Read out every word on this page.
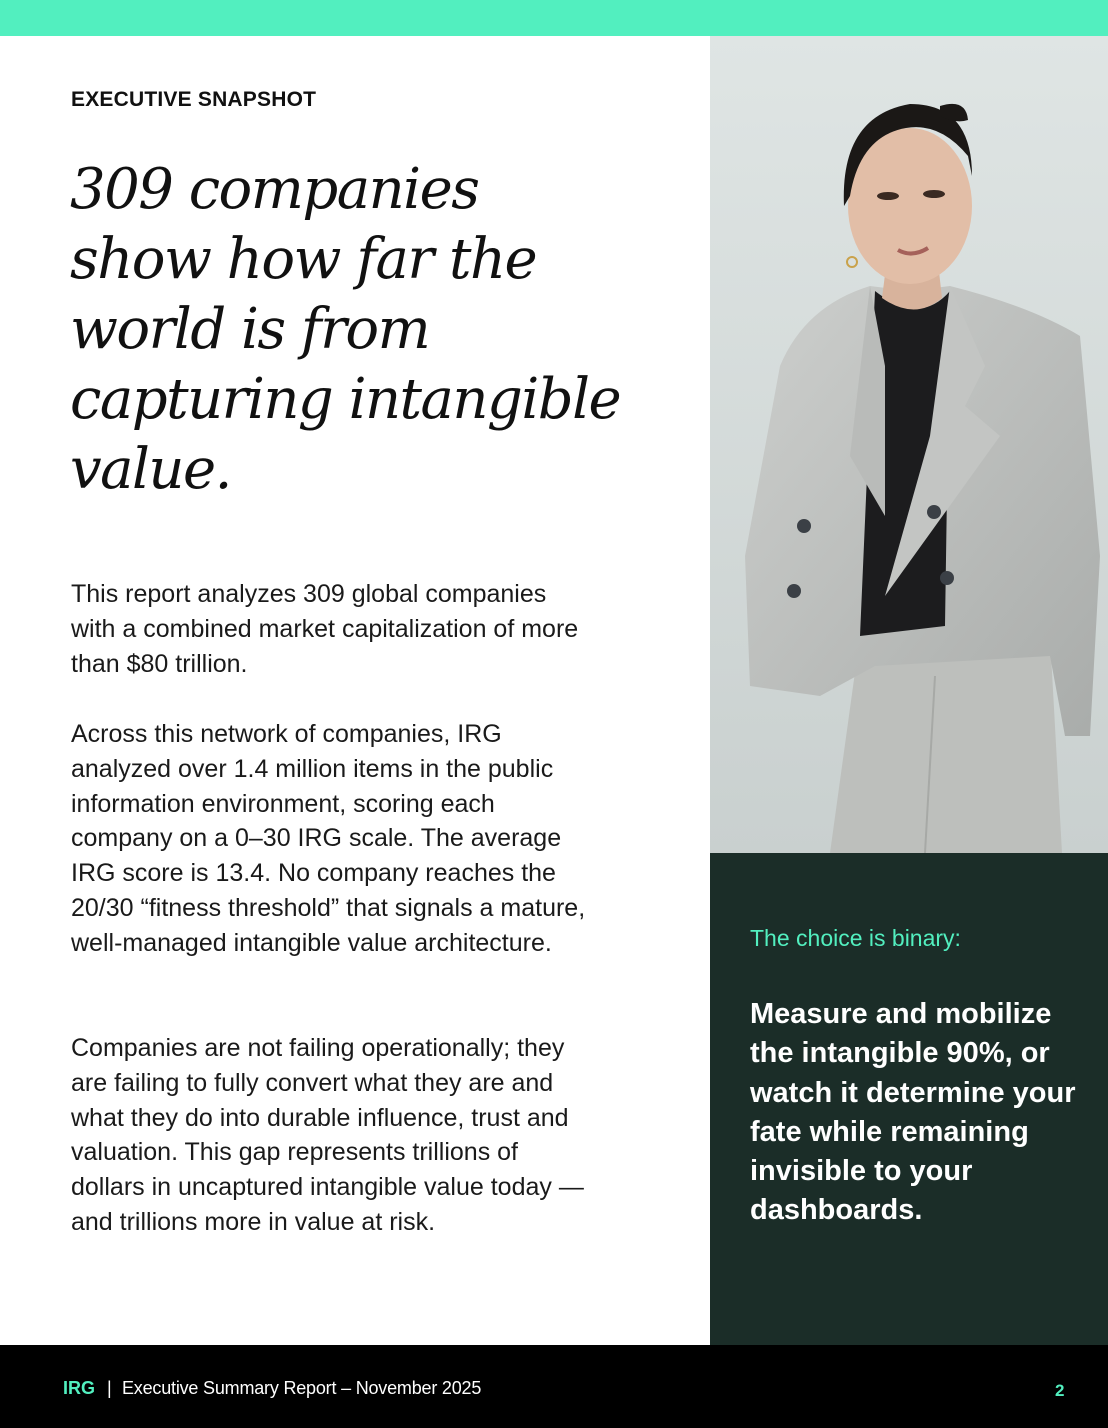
EXECUTIVE SNAPSHOT
309 companies show how far the world is from capturing intangible value.

This report analyzes 309 global companies with a combined market capitalization of more than $80 trillion.

Across this network of companies, IRG analyzed over 1.4 million items in the public information environment, scoring each company on a 0–30 IRG scale. The average IRG score is 13.4. No company reaches the 20/30 “fitness threshold” that signals a mature, well-managed intangible value architecture.

Companies are not failing operationally; they are failing to fully convert what they are and what they do into durable influence, trust and valuation. This gap represents trillions of dollars in uncaptured intangible value today — and trillions more in value at risk.

The choice is binary:

Measure and mobilize the intangible 90%, or watch it determine your fate while remaining invisible to your dashboards.

IRG | Executive Summary Report – November 2025	2
